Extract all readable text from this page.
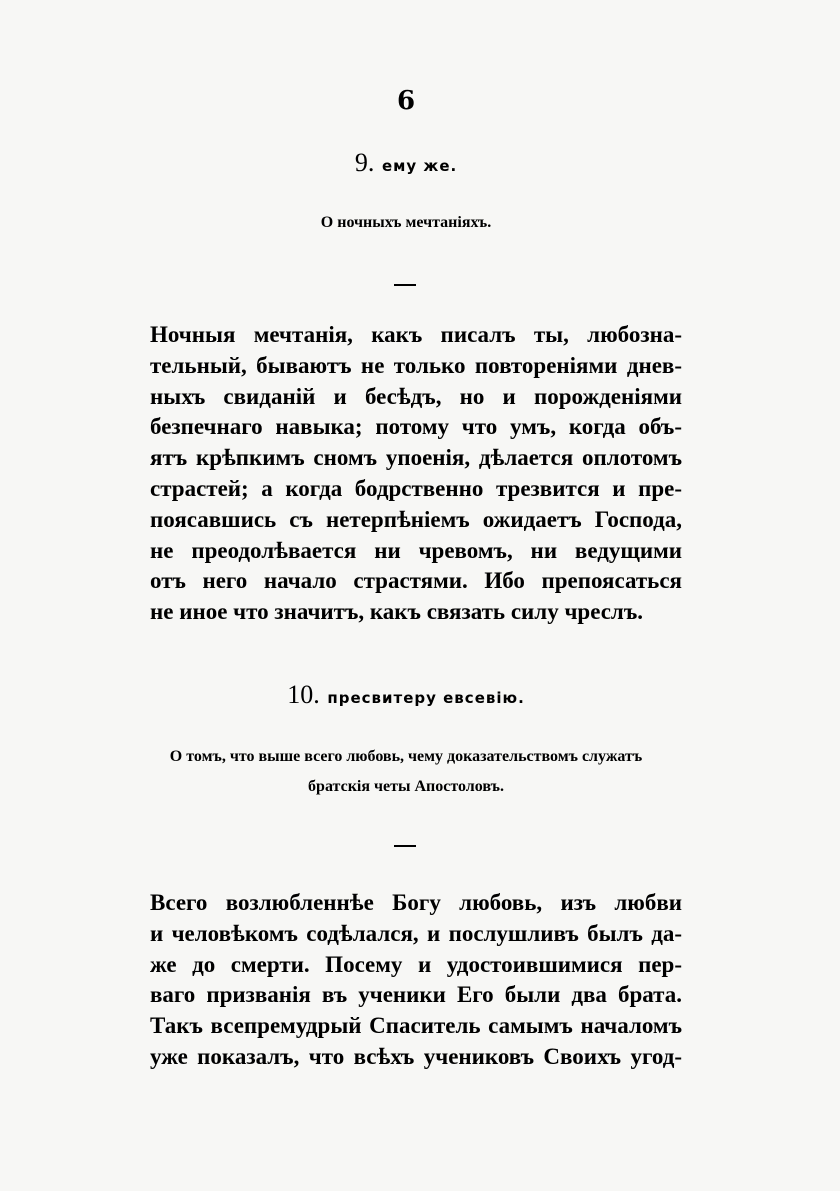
6
9. ему же.
О ночныхъ мечтаніяхъ.
Ночныя мечтанія, какъ писалъ ты, любозна-
тельный, бываютъ не только повтореніями днев-
ныхъ свиданій и бесѣдъ, но и порожденіями
безпечнаго навыка; потому что умъ, когда объ-
ятъ крѣпкимъ сномъ упоенія, дѣлается оплотомъ
страстей; а когда бодрственно трезвится и пре-
поясавшись съ нетерпѣніемъ ожидаетъ Господа,
не преодолѣвается ни чревомъ, ни ведущими
отъ него начало страстями. Ибо препоясаться
не иное что значитъ, какъ связать силу чреслъ.
10. пресвитеру евсевію.
О томъ, что выше всего любовь, чему доказательствомъ служатъ
братскія четы Апостоловъ.
Всего возлюбленнѣе Богу любовь, изъ любви
и человѣкомъ содѣлался, и послушливъ былъ да-
же до смерти. Посему и удостоившимися пер-
ваго призванія въ ученики Его были два брата.
Такъ всепремудрый Спаситель самымъ началомъ
уже показалъ, что всѣхъ учениковъ Своихъ угод-
